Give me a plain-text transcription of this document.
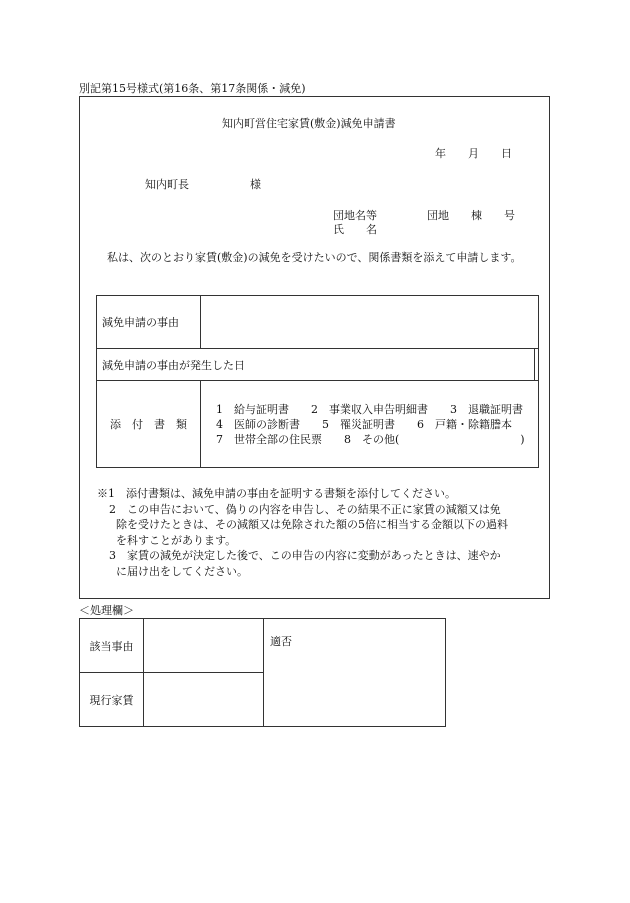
別記第15号様式(第16条、第17条関係・減免)
知内町営住宅家賃(敷金)減免申請書
年　　月　　日
知内町長	様
団地名等	団地　　棟　　号
氏　　名
私は、次のとおり家賃(敷金)の減免を受けたいので、関係書類を添えて申請します。
減免申請の事由		
減免申請の事由が発生した日		
添　付　書　類	1　給与証明書　　2　事業収入申告明細書　　3　退職証明書
4　医師の診断書　　5　罹災証明書　　6　戸籍・除籍謄本
7　世帯全部の住民票　　8　その他(　　　　　　　　　　　)	
※1　添付書類は、減免申請の事由を証明する書類を添付してください。
2　この申告において、偽りの内容を申告し、その結果不正に家賃の減額又は免
除を受けたときは、その減額又は免除された額の5倍に相当する金額以下の過料
を科すことがあります。
3　家賃の減免が決定した後で、この申告の内容に変動があったときは、速やか
に届け出をしてください。
＜処理欄＞
該当事由		適否
現行家賃		
